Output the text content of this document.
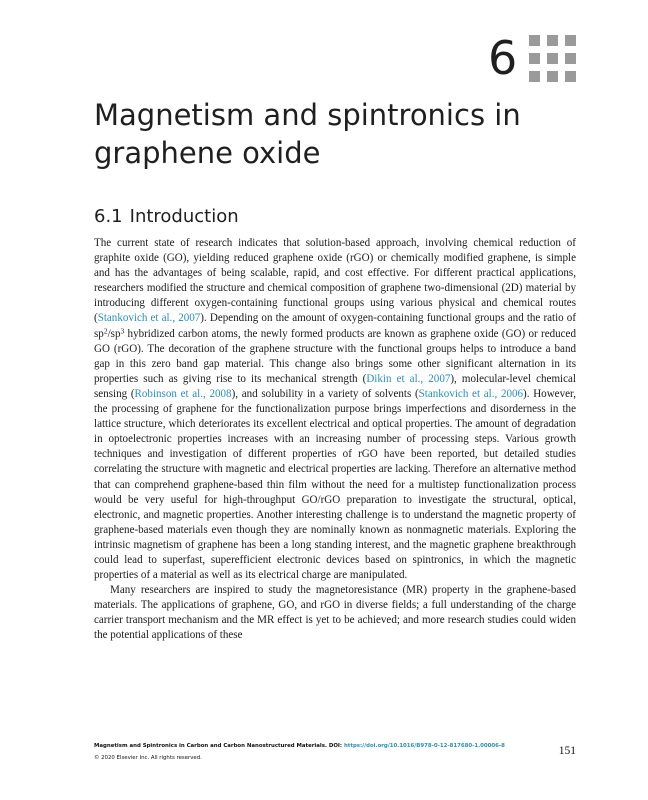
6
Magnetism and spintronics in graphene oxide
6.1 Introduction

The current state of research indicates that solution-based approach, involving chemical reduction of graphite oxide (GO), yielding reduced graphene oxide (rGO) or chemically modified graphene, is simple and has the advantages of being scalable, rapid, and cost effective. For different practical applications, researchers modified the structure and chemical composition of graphene two-dimensional (2D) material by introducing different oxygen-containing functional groups using various physical and chemical routes (Stankovich et al., 2007). Depending on the amount of oxygen-containing functional groups and the ratio of $sp^2/sp^3$ hybridized carbon atoms, the newly formed products are known as graphene oxide (GO) or reduced GO (rGO). The decoration of the graphene structure with the functional groups helps to introduce a band gap in this zero band gap material. This change also brings some other significant alternation in its properties such as giving rise to its mechanical strength (Dikin et al., 2007), molecular-level chemical sensing (Robinson et al., 2008), and solubility in a variety of solvents (Stankovich et al., 2006). However, the processing of graphene for the functionalization purpose brings imperfections and disorderness in the lattice structure, which deteriorates its excellent electrical and optical properties. The amount of degradation in optoelectronic properties increases with an increasing number of processing steps. Various growth techniques and investigation of different properties of rGO have been reported, but detailed studies correlating the structure with magnetic and electrical properties are lacking. Therefore an alternative method that can comprehend graphene-based thin film without the need for a multistep functionalization process would be very useful for high-throughput GO/rGO preparation to investigate the structural, optical, electronic, and magnetic properties. Another interesting challenge is to understand the magnetic property of graphene-based materials even though they are nominally known as nonmagnetic materials. Exploring the intrinsic magnetism of graphene has been a long standing interest, and the magnetic graphene breakthrough could lead to superfast, superefficient electronic devices based on spintronics, in which the magnetic properties of a material as well as its electrical charge are manipulated.

Many researchers are inspired to study the magnetoresistance (MR) property in the graphene-based materials. The applications of graphene, GO, and rGO in diverse fields; a full understanding of the charge carrier transport mechanism and the MR effect is yet to be achieved; and more research studies could widen the potential applications of these

Magnetism and Spintronics in Carbon and Carbon Nanostructured Materials. DOI: https://doi.org/10.1016/B978-0-12-817680-1.00006-8
© 2020 Elsevier Inc. All rights reserved.
151
